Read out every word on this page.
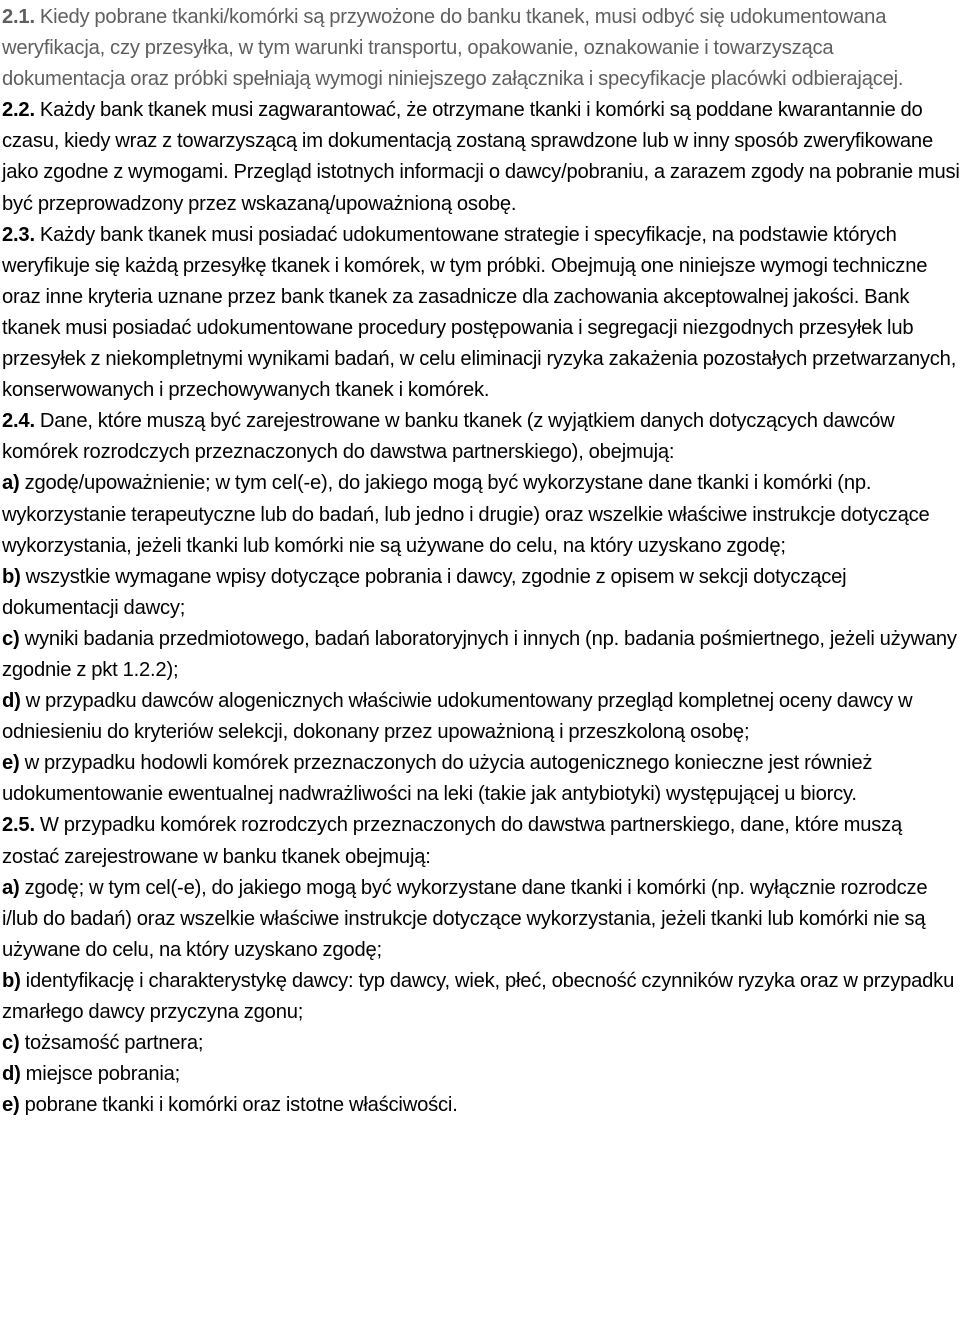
2.1. Kiedy pobrane tkanki/komórki są przywożone do banku tkanek, musi odbyć się udokumentowana weryfikacja, czy przesyłka, w tym warunki transportu, opakowanie, oznakowanie i towarzysząca dokumentacja oraz próbki spełniają wymogi niniejszego załącznika i specyfikacje placówki odbierającej.

2.2. Każdy bank tkanek musi zagwarantować, że otrzymane tkanki i komórki są poddane kwarantannie do czasu, kiedy wraz z towarzyszącą im dokumentacją zostaną sprawdzone lub w inny sposób zweryfikowane jako zgodne z wymogami. Przegląd istotnych informacji o dawcy/pobraniu, a zarazem zgody na pobranie musi być przeprowadzony przez wskazaną/upoważnioną osobę.

2.3. Każdy bank tkanek musi posiadać udokumentowane strategie i specyfikacje, na podstawie których weryfikuje się każdą przesyłkę tkanek i komórek, w tym próbki. Obejmują one niniejsze wymogi techniczne oraz inne kryteria uznane przez bank tkanek za zasadnicze dla zachowania akceptowalnej jakości. Bank tkanek musi posiadać udokumentowane procedury postępowania i segregacji niezgodnych przesyłek lub przesyłek z niekompletnymi wynikami badań, w celu eliminacji ryzyka zakażenia pozostałych przetwarzanych, konserwowanych i przechowywanych tkanek i komórek.

2.4. Dane, które muszą być zarejestrowane w banku tkanek (z wyjątkiem danych dotyczących dawców komórek rozrodczych przeznaczonych do dawstwa partnerskiego), obejmują:

a) zgodę/upoważnienie; w tym cel(-e), do jakiego mogą być wykorzystane dane tkanki i komórki (np. wykorzystanie terapeutyczne lub do badań, lub jedno i drugie) oraz wszelkie właściwe instrukcje dotyczące wykorzystania, jeżeli tkanki lub komórki nie są używane do celu, na który uzyskano zgodę;

b) wszystkie wymagane wpisy dotyczące pobrania i dawcy, zgodnie z opisem w sekcji dotyczącej dokumentacji dawcy;

c) wyniki badania przedmiotowego, badań laboratoryjnych i innych (np. badania pośmiertnego, jeżeli używany zgodnie z pkt 1.2.2);

d) w przypadku dawców alogenicznych właściwie udokumentowany przegląd kompletnej oceny dawcy w odniesieniu do kryteriów selekcji, dokonany przez upoważnioną i przeszkoloną osobę;

e) w przypadku hodowli komórek przeznaczonych do użycia autogenicznego konieczne jest również udokumentowanie ewentualnej nadwrażliwości na leki (takie jak antybiotyki) występującej u biorcy.

2.5. W przypadku komórek rozrodczych przeznaczonych do dawstwa partnerskiego, dane, które muszą zostać zarejestrowane w banku tkanek obejmują:

a) zgodę; w tym cel(-e), do jakiego mogą być wykorzystane dane tkanki i komórki (np. wyłącznie rozrodcze i/lub do badań) oraz wszelkie właściwe instrukcje dotyczące wykorzystania, jeżeli tkanki lub komórki nie są używane do celu, na który uzyskano zgodę;

b) identyfikację i charakterystykę dawcy: typ dawcy, wiek, płeć, obecność czynników ryzyka oraz w przypadku zmarłego dawcy przyczyna zgonu;

c) tożsamość partnera;

d) miejsce pobrania;

e) pobrane tkanki i komórki oraz istotne właściwości.
